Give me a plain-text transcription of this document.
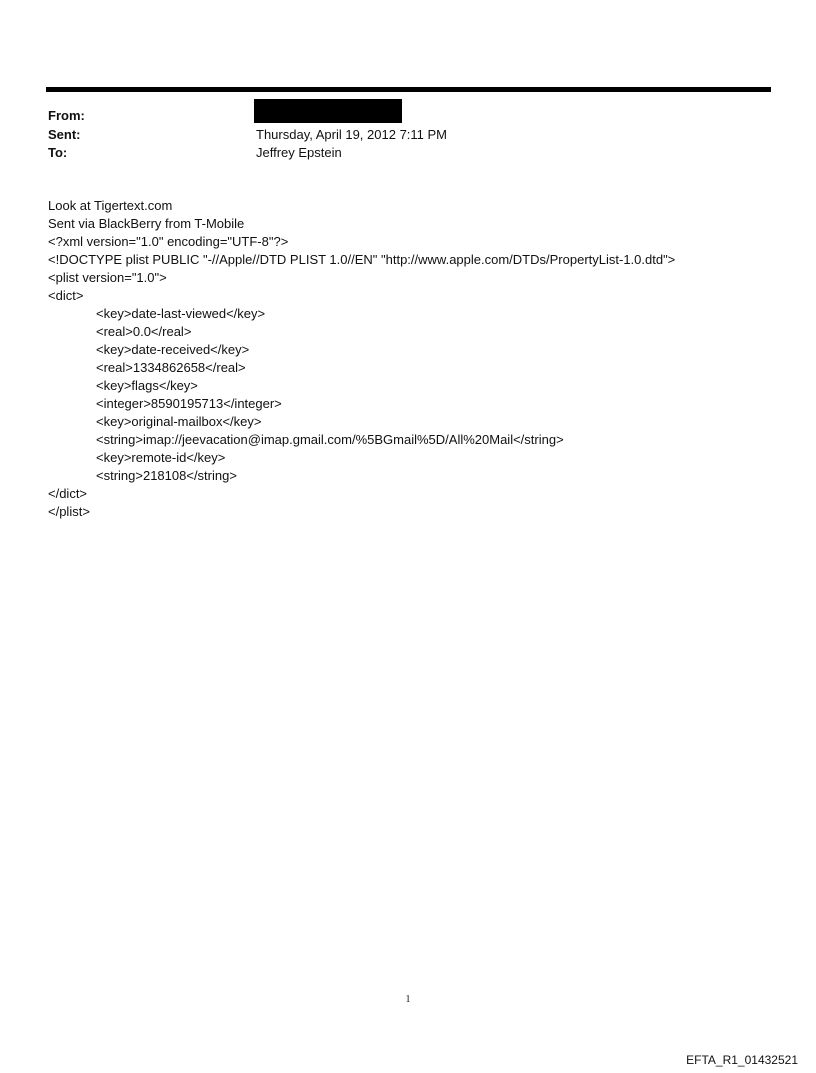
From:
Sent:	Thursday, April 19, 2012 7:11 PM
To:	Jeffrey Epstein
Look at Tigertext.com
Sent via BlackBerry from T-Mobile
<?xml version="1.0" encoding="UTF-8"?>
<!DOCTYPE plist PUBLIC "-//Apple//DTD PLIST 1.0//EN" "http://www.apple.com/DTDs/PropertyList-1.0.dtd">
<plist version="1.0">
<dict>
<key>date-last-viewed</key>
<real>0.0</real>
<key>date-received</key>
<real>1334862658</real>
<key>flags</key>
<integer>8590195713</integer>
<key>original-mailbox</key>
<string>imap://jeevacation@imap.gmail.com/%5BGmail%5D/All%20Mail</string>
<key>remote-id</key>
<string>218108</string>
</dict>
</plist>
1
EFTA_R1_01432521
